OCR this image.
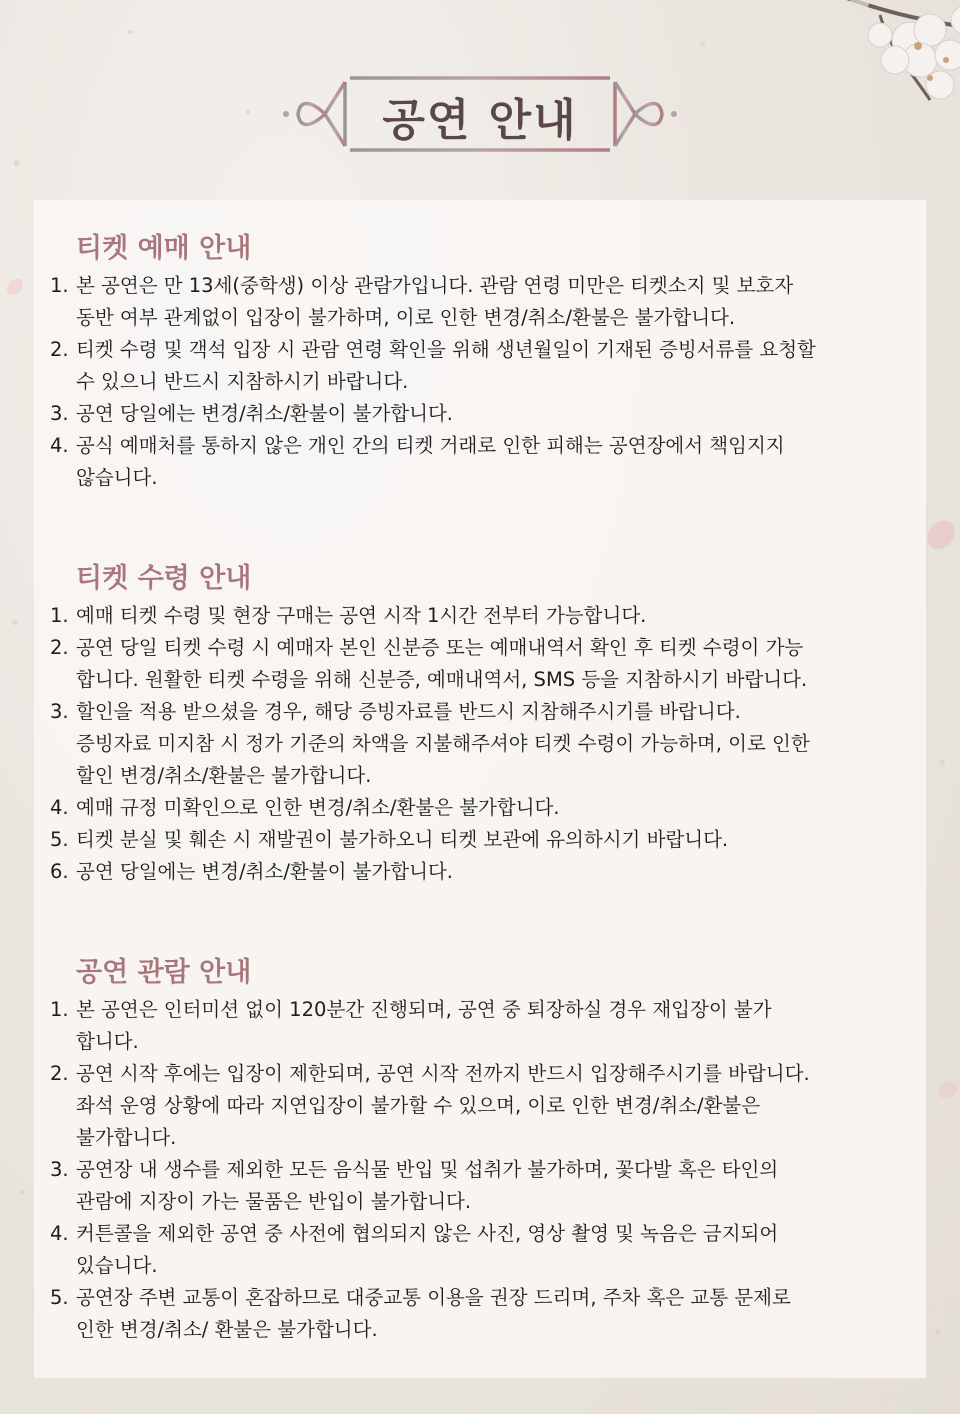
공연 안내
티켓 예매 안내
1. 본 공연은 만 13세(중학생) 이상 관람가입니다. 관람 연령 미만은 티켓소지 및 보호자
동반 여부 관계없이 입장이 불가하며, 이로 인한 변경/취소/환불은 불가합니다.
2. 티켓 수령 및 객석 입장 시 관람 연령 확인을 위해 생년월일이 기재된 증빙서류를 요청할
수 있으니 반드시 지참하시기 바랍니다.
3. 공연 당일에는 변경/취소/환불이 불가합니다.
4. 공식 예매처를 통하지 않은 개인 간의 티켓 거래로 인한 피해는 공연장에서 책임지지
않습니다.
티켓 수령 안내
1. 예매 티켓 수령 및 현장 구매는 공연 시작 1시간 전부터 가능합니다.
2. 공연 당일 티켓 수령 시 예매자 본인 신분증 또는 예매내역서 확인 후 티켓 수령이 가능
합니다. 원활한 티켓 수령을 위해 신분증, 예매내역서, SMS 등을 지참하시기 바랍니다.
3. 할인을 적용 받으셨을 경우, 해당 증빙자료를 반드시 지참해주시기를 바랍니다.
증빙자료 미지참 시 정가 기준의 차액을 지불해주셔야 티켓 수령이 가능하며, 이로 인한
할인 변경/취소/환불은 불가합니다.
4. 예매 규정 미확인으로 인한 변경/취소/환불은 불가합니다.
5. 티켓 분실 및 훼손 시 재발권이 불가하오니 티켓 보관에 유의하시기 바랍니다.
6. 공연 당일에는 변경/취소/환불이 불가합니다.
공연 관람 안내
1. 본 공연은 인터미션 없이 120분간 진행되며, 공연 중 퇴장하실 경우 재입장이 불가
합니다.
2. 공연 시작 후에는 입장이 제한되며, 공연 시작 전까지 반드시 입장해주시기를 바랍니다.
좌석 운영 상황에 따라 지연입장이 불가할 수 있으며, 이로 인한 변경/취소/환불은
불가합니다.
3. 공연장 내 생수를 제외한 모든 음식물 반입 및 섭취가 불가하며, 꽃다발 혹은 타인의
관람에 지장이 가는 물품은 반입이 불가합니다.
4. 커튼콜을 제외한 공연 중 사전에 협의되지 않은 사진, 영상 촬영 및 녹음은 금지되어
있습니다.
5. 공연장 주변 교통이 혼잡하므로 대중교통 이용을 권장 드리며, 주차 혹은 교통 문제로
인한 변경/취소/ 환불은 불가합니다.
